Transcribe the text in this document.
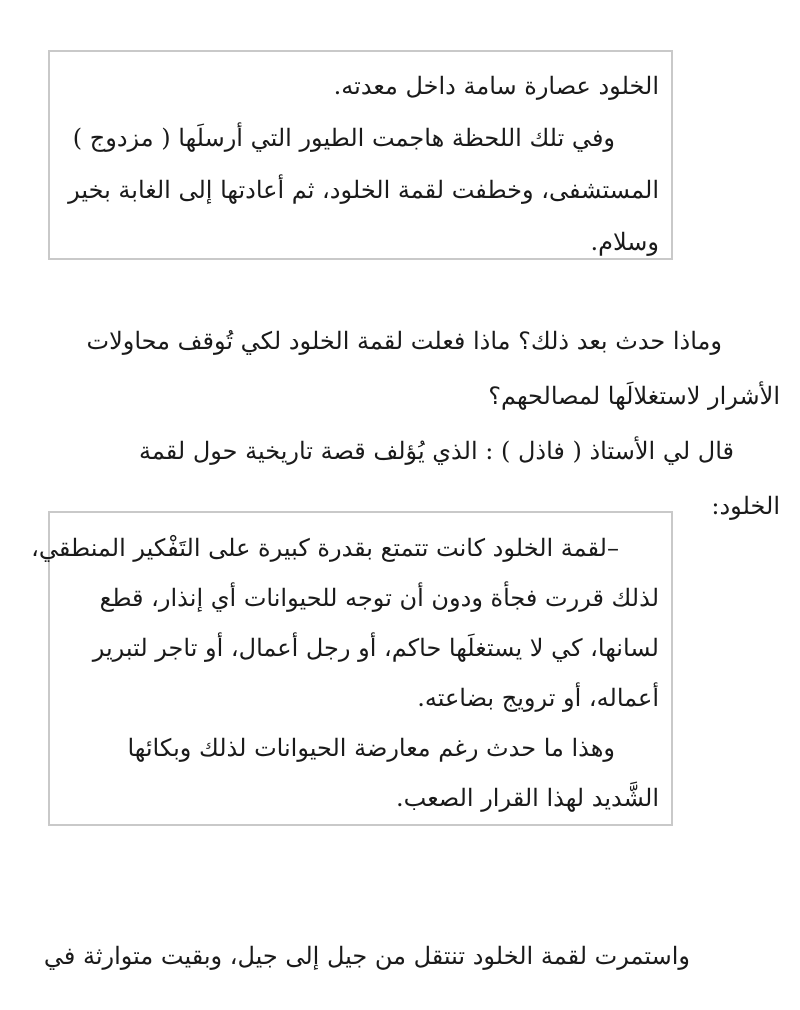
الخلود عصارة سامة داخل معدته.
وفي تلك اللحظة هاجمت الطيور التي أرسلَها ( مزدوج )
المستشفى، وخطفت لقمة الخلود، ثم أعادتها إلى الغابة بخير
وسلام.
وماذا حدث بعد ذلك؟ ماذا فعلت لقمة الخلود لكي تُوقف محاولات
الأشرار لاستغلالَها لمصالحهم؟
قال لي الأستاذ ( فاذل ) : الذي يُؤلف قصة تاريخية حول لقمة
الخلود:
–لقمة الخلود كانت تتمتع بقدرة كبيرة على التَفْكير المنطقي،
لذلك قررت فجأة ودون أن توجه للحيوانات أي إنذار، قطع
لسانها، كي لا يستغلَها حاكم، أو رجل أعمال، أو تاجر لتبرير
أعماله، أو ترويج بضاعته.
وهذا ما حدث رغم معارضة الحيوانات لذلك وبكائها
الشَّديد لهذا القرار الصعب.
واستمرت لقمة الخلود تنتقل من جيل إلى جيل، وبقيت متوارثة في
